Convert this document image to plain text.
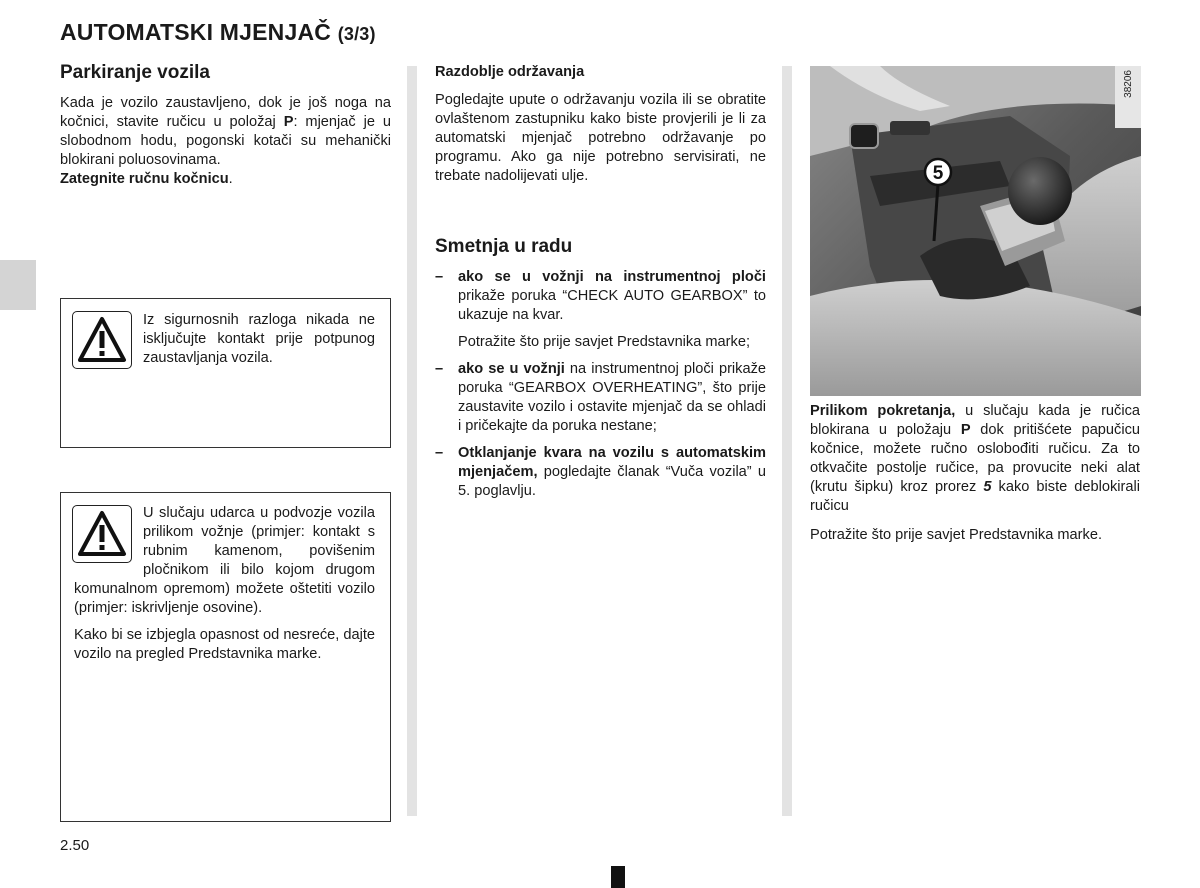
AUTOMATSKI MJENJAČ (3/3)
Parkiranje vozila
Kada je vozilo zaustavljeno, dok je još noga na kočnici, stavite ručicu u položaj P: mjenjač je u slobodnom hodu, pogonski kotači su mehanički blokirani poluosovinama.
Zategnite ručnu kočnicu.
Iz sigurnosnih razloga nikada ne isključujte kontakt prije potpunog zaustavljanja vozila.

U slučaju udarca u podvozje vozila prilikom vožnje (primjer: kontakt s rubnim kamenom, povišenim pločnikom ili bilo kojom drugom komunalnom opremom) možete oštetiti vozilo (primjer: iskrivljenje osovine).

Kako bi se izbjegla opasnost od nesreće, dajte vozilo na pregled Predstavnika marke.

Razdoblje održavanja
Pogledajte upute o održavanju vozila ili se obratite ovlaštenom zastupniku kako biste provjerili je li za automatski mjenjač potrebno održavanje po programu. Ako ga nije potrebno servisirati, ne trebate nadolijevati ulje.
Smetnja u radu
– ako se u vožnji na instrumentnoj ploči prikaže poruka “CHECK AUTO GEARBOX” to ukazuje na kvar.

Potražite što prije savjet Predstavnika marke;

– ako se u vožnji na instrumentnoj ploči prikaže poruka “GEARBOX OVERHEATING”, što prije zaustavite vozilo i ostavite mjenjač da se ohladi i pričekajte da poruka nestane;
– Otklanjanje kvara na vozilu s automatskim mjenjačem, pogledajte članak “Vuča vozila” u 5. poglavlju.
5
38206
Prilikom pokretanja, u slučaju kada je ručica blokirana u položaju P dok pritišćete papučicu kočnice, možete ručno oslobođiti ručicu. Za to otkvačite postolje ručice, pa provucite neki alat (krutu šipku) kroz prorez 5 kako biste deblokirali ručicu
Potražite što prije savjet Predstavnika marke.
2.50
